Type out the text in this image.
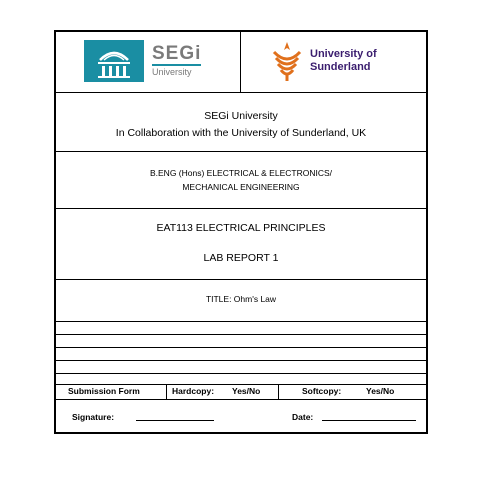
SEGi
University
University of
Sunderland
SEGi University
In Collaboration with the University of Sunderland, UK
B.ENG (Hons) ELECTRICAL & ELECTRONICS/
MECHANICAL ENGINEERING
EAT113 ELECTRICAL PRINCIPLES
LAB REPORT 1
TITLE: Ohm's Law
Submission Form	Hardcopy: Yes/No	Softcopy:	Yes/No
Signature:	Date:
